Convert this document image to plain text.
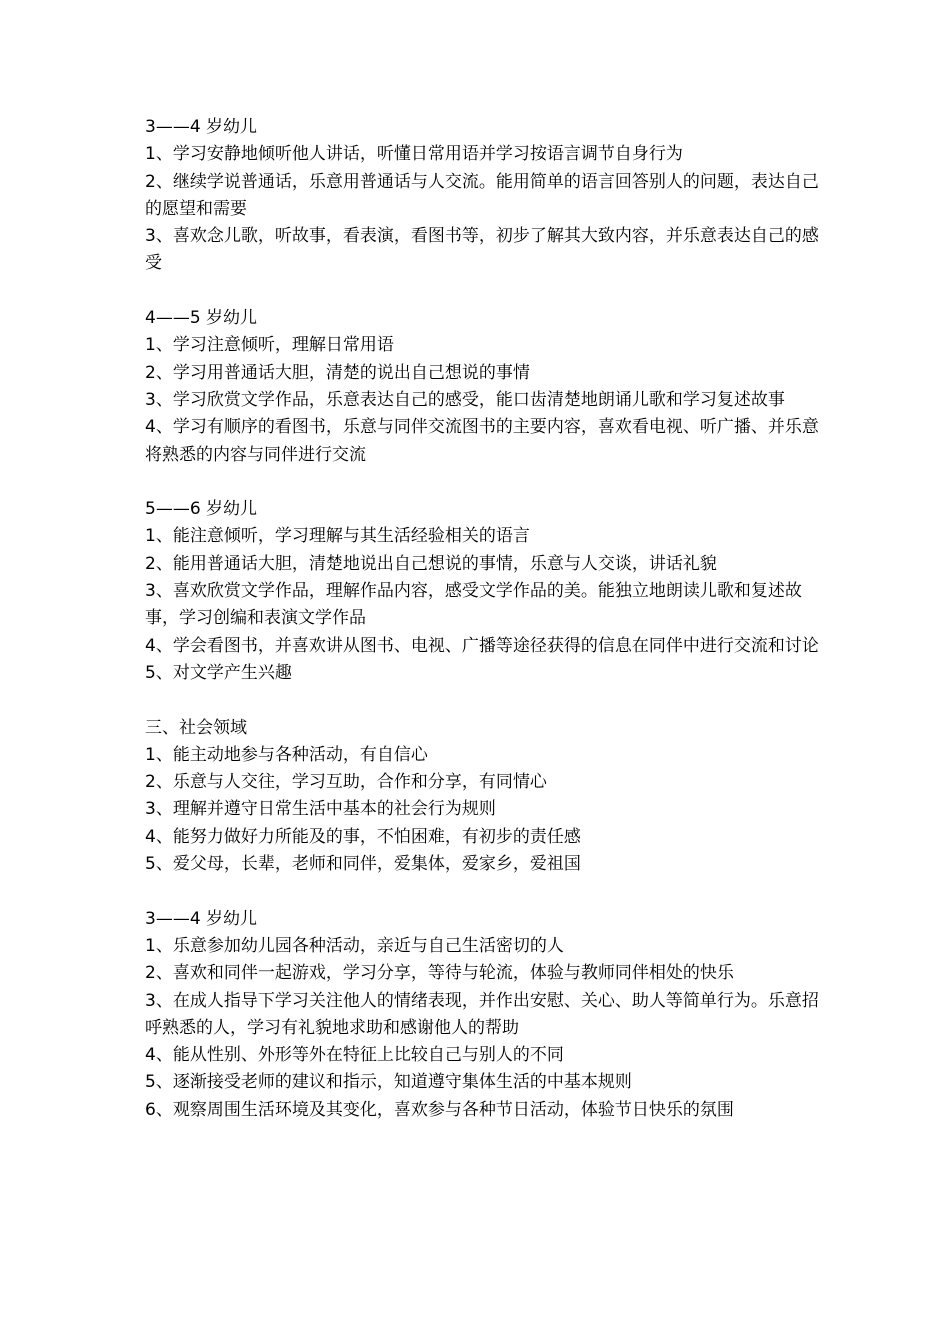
3——4 岁幼儿

1、学习安静地倾听他人讲话，听懂日常用语并学习按语言调节自身行为

2、继续学说普通话，乐意用普通话与人交流。能用简单的语言回答别人的问题，表达自己的愿望和需要

3、喜欢念儿歌，听故事，看表演，看图书等，初步了解其大致内容，并乐意表达自己的感受

4——5 岁幼儿

1、学习注意倾听，理解日常用语

2、学习用普通话大胆，清楚的说出自己想说的事情

3、学习欣赏文学作品，乐意表达自己的感受，能口齿清楚地朗诵儿歌和学习复述故事

4、学习有顺序的看图书，乐意与同伴交流图书的主要内容，喜欢看电视、听广播、并乐意将熟悉的内容与同伴进行交流

5——6 岁幼儿

1、能注意倾听，学习理解与其生活经验相关的语言

2、能用普通话大胆，清楚地说出自己想说的事情，乐意与人交谈，讲话礼貌

3、喜欢欣赏文学作品，理解作品内容，感受文学作品的美。能独立地朗读儿歌和复述故事，学习创编和表演文学作品

4、学会看图书，并喜欢讲从图书、电视、广播等途径获得的信息在同伴中进行交流和讨论

5、对文学产生兴趣

三、社会领域

1、能主动地参与各种活动，有自信心

2、乐意与人交往，学习互助，合作和分享，有同情心

3、理解并遵守日常生活中基本的社会行为规则

4、能努力做好力所能及的事，不怕困难，有初步的责任感

5、爱父母，长辈，老师和同伴，爱集体，爱家乡，爱祖国

3——4 岁幼儿

1、乐意参加幼儿园各种活动，亲近与自己生活密切的人

2、喜欢和同伴一起游戏，学习分享，等待与轮流，体验与教师同伴相处的快乐

3、在成人指导下学习关注他人的情绪表现，并作出安慰、关心、助人等简单行为。乐意招呼熟悉的人，学习有礼貌地求助和感谢他人的帮助

4、能从性别、外形等外在特征上比较自己与别人的不同

5、逐渐接受老师的建议和指示，知道遵守集体生活的中基本规则

6、观察周围生活环境及其变化，喜欢参与各种节日活动，体验节日快乐的氛围
